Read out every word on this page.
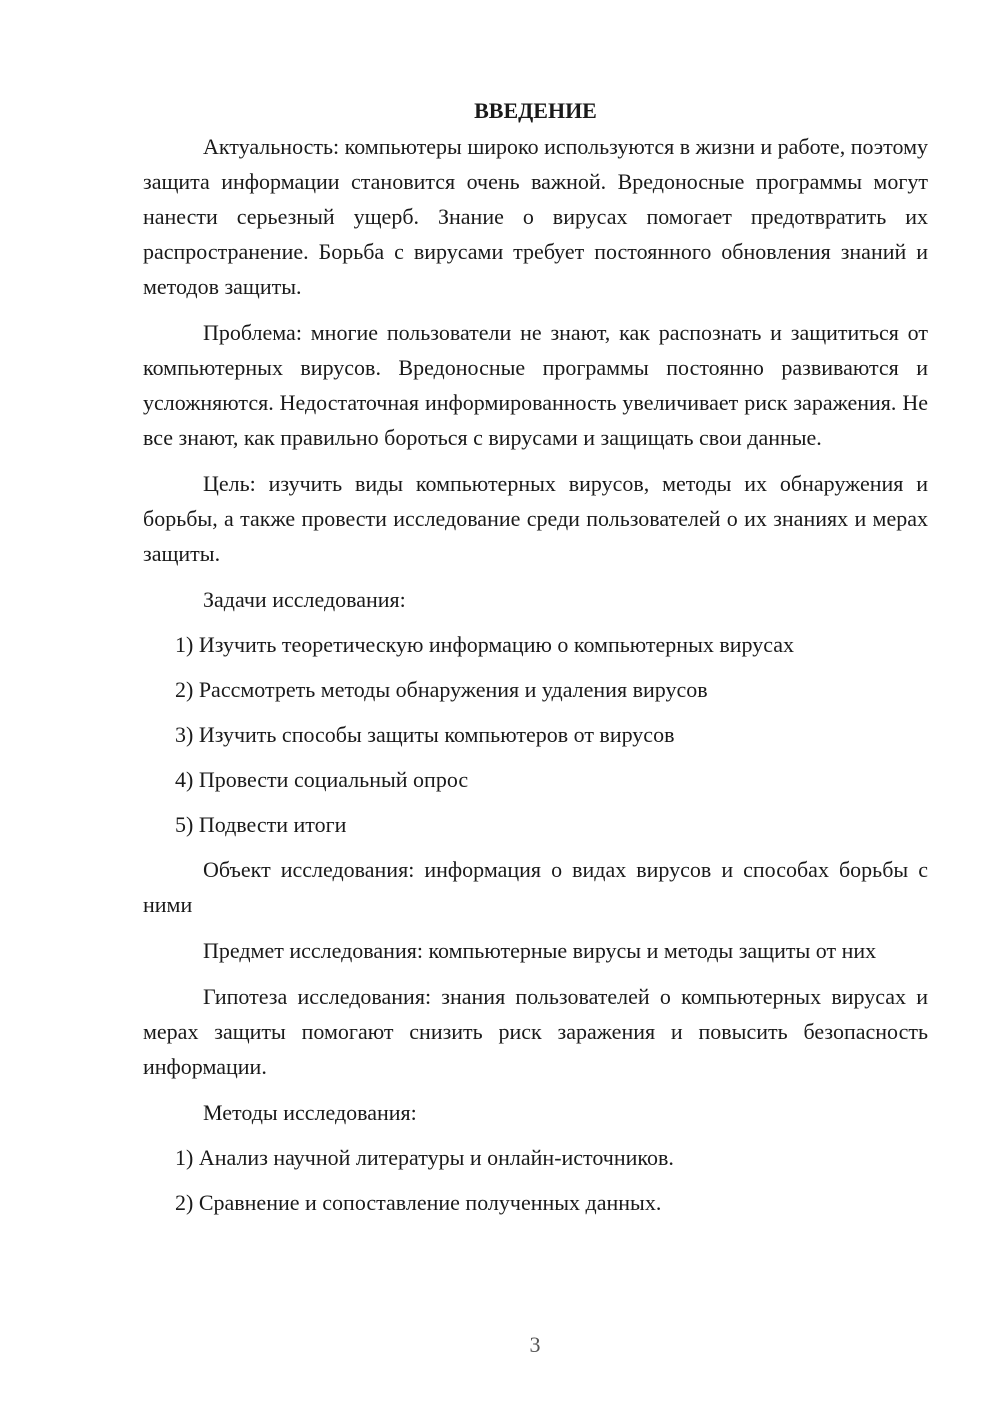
ВВЕДЕНИЕ

Актуальность: компьютеры широко используются в жизни и работе, поэтому защита информации становится очень важной. Вредоносные программы могут нанести серьезный ущерб. Знание о вирусах помогает предотвратить их распространение. Борьба с вирусами требует постоянного обновления знаний и методов защиты.

Проблема: многие пользователи не знают, как распознать и защититься от компьютерных вирусов. Вредоносные программы постоянно развиваются и усложняются. Недостаточная информированность увеличивает риск заражения. Не все знают, как правильно бороться с вирусами и защищать свои данные.

Цель: изучить виды компьютерных вирусов, методы их обнаружения и борьбы, а также провести исследование среди пользователей о их знаниях и мерах защиты.

Задачи исследования:

1) Изучить теоретическую информацию о компьютерных вирусах
2) Рассмотреть методы обнаружения и удаления вирусов
3) Изучить способы защиты компьютеров от вирусов
4) Провести социальный опрос
5) Подвести итоги

Объект исследования: информация о видах вирусов и способах борьбы с ними

Предмет исследования: компьютерные вирусы и методы защиты от них

Гипотеза исследования: знания пользователей о компьютерных вирусах и мерах защиты помогают снизить риск заражения и повысить безопасность информации.

Методы исследования:

1) Анализ научной литературы и онлайн-источников.
2) Сравнение и сопоставление полученных данных.
3
